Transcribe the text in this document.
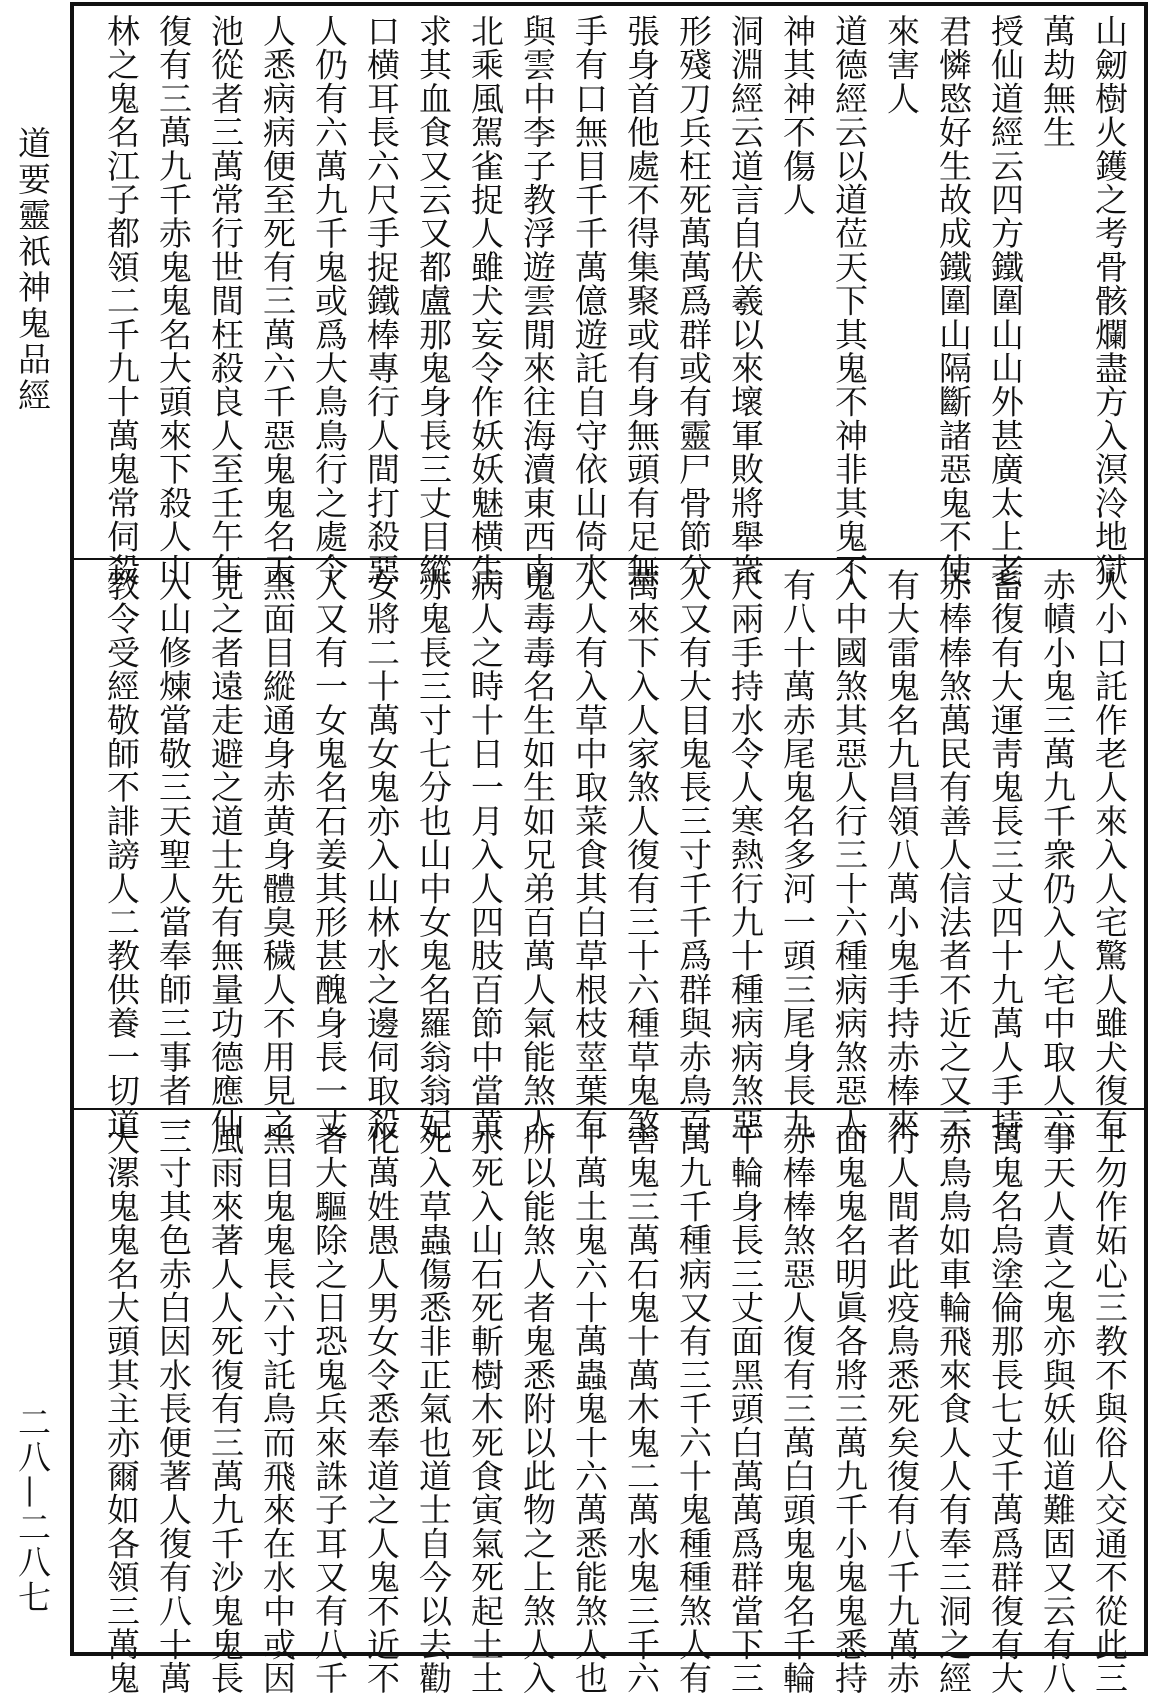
道要靈祇神鬼品經
二八—二八七
山劒樹火鑊之考骨骸爛盡方入溟泠地獄
萬劫無生
授仙道經云四方鐵圍山山外甚廣太上老
君憐愍好生故成鐵圍山隔斷諸惡鬼不使
來害人
道德經云以道莅天下其鬼不神非其鬼不
神其神不傷人
洞淵經云道言自伏羲以來壞軍敗將舉衆
形殘刀兵枉死萬萬爲群或有靈尸骨節分
張身首他處不得集聚或有身無頭有足無
手有口無目千千萬億遊託自守依山倚水
與雲中李子教浮遊雲閒來往海瀆東西南
北乘風駕雀捉人雖犬妄令作妖妖魅横生
求其血食又云又都盧那鬼身長三丈目縱
口横耳長六尺手捉鐵棒專行人間打殺惡
人仍有六萬九千鬼或爲大鳥鳥行之處令
人悉病病便至死有三萬六千惡鬼鬼名天
池從者三萬常行世間枉殺良人至壬午年
復有三萬九千赤鬼鬼名大頭來下殺人山
林之鬼名江子都領二千九十萬鬼常伺殺
人小口託作老人來入人宅驚人雖犬復有
赤幘小鬼三萬九千衆仍入人宅中取人六
畜復有大運靑鬼長三丈四十九萬人手持
赤棒棒煞萬民有善人信法者不近之又云
有大雷鬼名九昌領八萬小鬼手持赤棒來
入中國煞其惡人行三十六種病病煞惡人
有八十萬赤尾鬼名多河一頭三尾身長九
尺兩手持水令人寒熱行九十種病病煞惡
人又有大目鬼長三寸千千爲群與赤鳥百
萬來下入人家煞人復有三十六種草鬼煞
人人有入草中取菜食其白草根枝莖葉有
鬼毒毒名生如生如兄弟百萬人氣能煞人
病人之時十日一月入人四肢百節中當黄
赤鬼長三寸七分也山中女鬼名羅翁翁妃
女將二十萬女鬼亦入山林水之邊伺取殺
人又有一女鬼名石姜其形甚醜身長一丈
黑面目縱通身赤黄身體臭穢人不用見之
見之者遠走避之道士先有無量功德應仙
入山修煉當敬三天聖人當奉師三事者一
教令受經敬師不誹謗人二教供養一切道
士勿作妬心三教不與俗人交通不從此三
事天人責之鬼亦與妖仙道難固又云有八
萬鬼名烏塗倫那長七丈千萬爲群復有大
赤鳥鳥如車輪飛來食人人有奉三洞之經
行人間者此疫鳥悉死矣復有八千九萬赤
面鬼鬼名明眞各將三萬九千小鬼鬼悉持
赤棒棒煞惡人復有三萬白頭鬼鬼名千輪
千輪身長三丈面黑頭白萬萬爲群當下三
萬九千種病又有三千六十鬼種種煞人有
害鬼三萬石鬼十萬木鬼二萬水鬼三千六
十萬土鬼六十萬蟲鬼十六萬悉能煞人也
所以能煞人者鬼悉附以此物之上煞人入
水死入山石死斬樹木死食寅氣死起土土
死入草蟲傷悉非正氣也道士自今以去勸
化萬姓愚人男女令悉奉道之人鬼不近不
者大驅除之日恐鬼兵來誅子耳又有八千
黑目鬼鬼長六寸託鳥而飛來在水中或因
風雨來著人人死復有三萬九千沙鬼鬼長
三寸其色赤白因水長便著人復有八十萬
大漯鬼鬼名大頭其主亦爾如各領三萬鬼
